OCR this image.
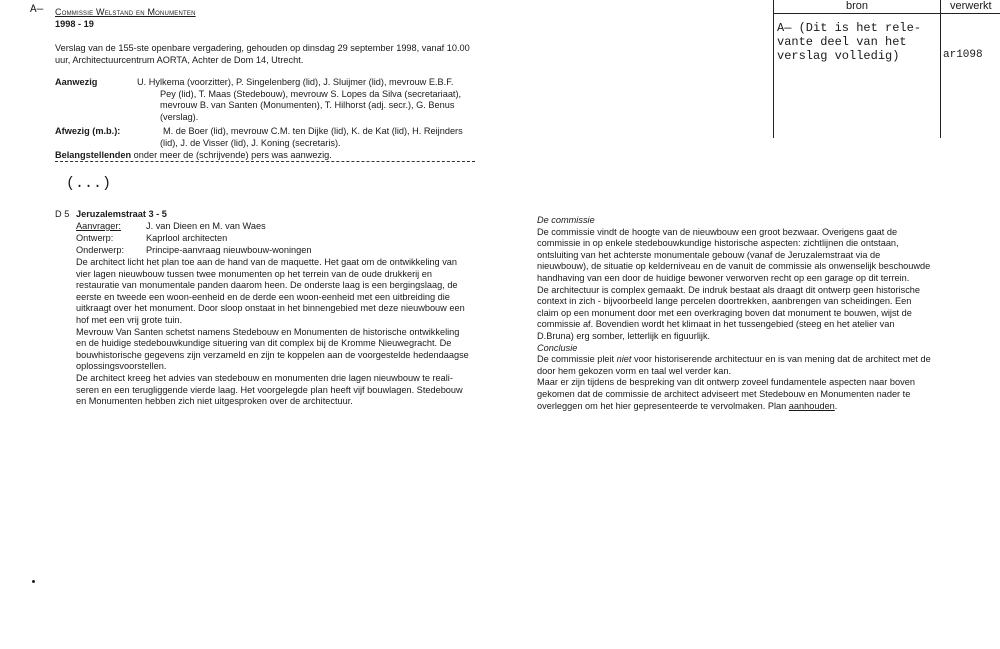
A— Commissie Welstand en Monumenten
1998 - 19
Verslag van de 155-ste openbare vergadering, gehouden op dinsdag 29 september 1998, vanaf 10.00
uur, Architectuurcentrum AORTA, Achter de Dom 14, Utrecht.
Aanwezig	U. Hylkema (voorzitter), P. Singelenberg (lid), J. Sluijmer (lid), mevrouw E.B.F.
Pey (lid), T. Maas (Stedebouw), mevrouw S. Lopes da Silva (secretariaat),
mevrouw B. van Santen (Monumenten), T. Hilhorst (adj. secr.), G. Benus
(verslag).
Afwezig (m.b.):	M. de Boer (lid), mevrouw C.M. ten Dijke (lid), K. de Kat (lid), H. Reijnders
(lid), J. de Visser (lid), J. Koning (secretaris).
Belangstellenden onder meer de (schrijvende) pers was aanwezig.
(...)
D 5 Jeruzalemstraat 3 - 5
Aanvrager:	J. van Dieen en M. van Waes
Ontwerp:	Kaprlool architecten
Onderwerp: Principe-aanvraag nieuwbouw-woningen
De architect licht het plan toe aan de hand van de maquette. Het gaat om de ontwikkeling van
vier lagen nieuwbouw tussen twee monumenten op het terrein van de oude drukkerij en
restauratie van monumentale panden daarom heen. De onderste laag is een bergingslaag, de
eerste en tweede een woon-eenheid en de derde een woon-eenheid met een uitbreiding die
uitkraagt over het monument. Door sloop onstaat in het binnengebied met deze nieuwbouw een
hof met een vrij grote tuin.
Mevrouw Van Santen schetst namens Stedebouw en Monumenten de historische ontwikkeling
en de huidige stedebouwkundige situering van dit complex bij de Kromme Nieuwegracht. De
bouwhistorische gegevens zijn verzameld en zijn te koppelen aan de voorgestelde hedendaagse
oplossingsvoorstellen.
De architect kreeg het advies van stedebouw en monumenten drie lagen nieuwbouw te reali-
seren en een terugliggende vierde laag. Het voorgelegde plan heeft vijf bouwlagen. Stedebouw
en Monumenten hebben zich niet uitgesproken over de architectuur.
De commissie
De commissie vindt de hoogte van de nieuwbouw een groot bezwaar. Overigens gaat de
commissie in op enkele stedebouwkundige historische aspecten: zichtlijnen die ontstaan,
ontsluiting van het achterste monumentale gebouw (vanaf de Jeruzalemstraat via de
nieuwbouw), de situatie op kelderniveau en de vanuit de commissie als onwenselijk beschouwde
handhaving van een door de huidige bewoner verworven recht op een garage op dit terrein.
De architectuur is complex gemaakt. De indruk bestaat als draagt dit ontwerp geen historische
context in zich - bijvoorbeeld lange percelen doortrekken, aanbrengen van scheidingen. Een
claim op een monument door met een overkraging boven dat monument te bouwen, wijst de
commissie af. Bovendien wordt het klimaat in het tussengebied (steeg en het atelier van
D.Bruna) erg somber, letterlijk en figuurlijk.
Conclusie
De commissie pleit niet voor historiserende architectuur en is van mening dat de architect met de
door hem gekozen vorm en taal wel verder kan.
Maar er zijn tijdens de bespreking van dit ontwerp zoveel fundamentele aspecten naar boven
gekomen dat de commissie de architect adviseert met Stedebouw en Monumenten nader te
overleggen om het hier gepresenteerde te vervolmaken. Plan aanhouden.
bron	verwerkt
A— (Dit is het rele-
vante deel van het
verslag volledig)	ar1098
